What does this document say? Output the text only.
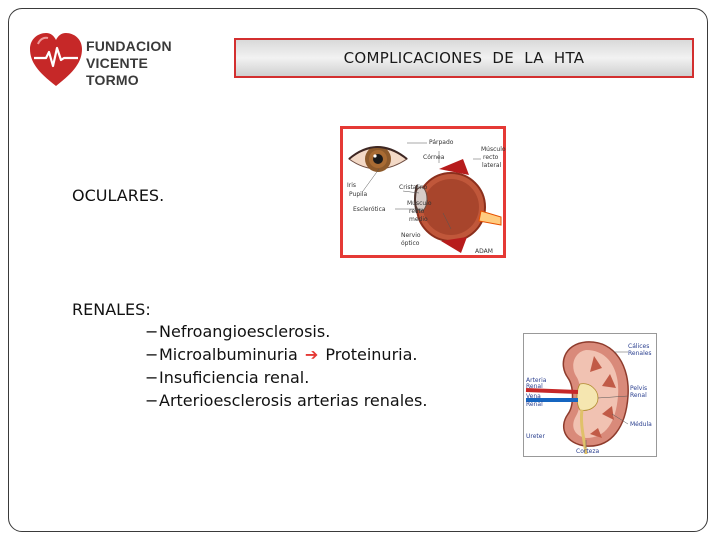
FUNDACION
VICENTE TORMO
COMPLICACIONES  DE  LA  HTA
OCULARES.
Párpado
Córnea
Músculo
recto
lateral
Iris
Pupila
Cristalino
Esclerótica
Músculo
recto
medio
Nervio
óptico
ADAM
RENALES:
−Nefroangioesclerosis.
−Microalbuminuria ➔ Proteinuria.
−Insuficiencia renal.
−Arterioesclerosis arterias renales.
Cálices
Renales
Arteria
Renal
Vena
Renal
Pelvis
Renal
Médula
Ureter
Corteza
